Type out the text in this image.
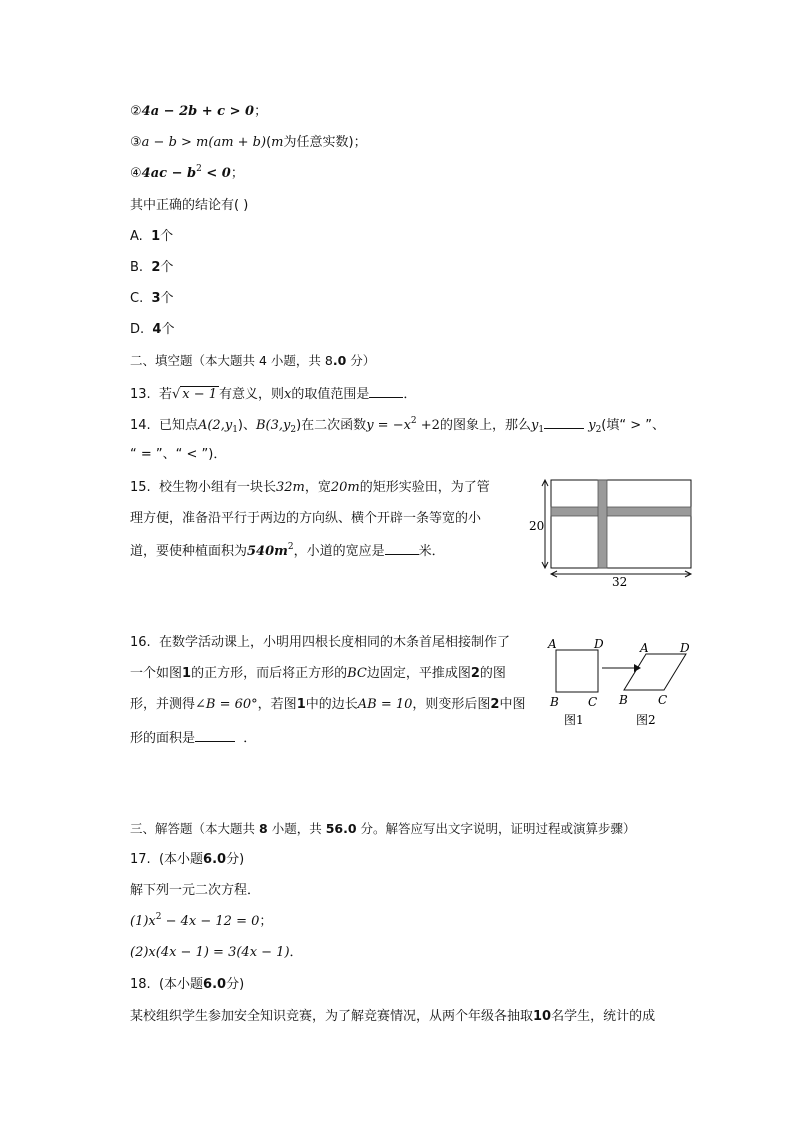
②4a − 2b + c > 0；
③a − b > m(am + b)(m为任意实数)；
④4ac − $b^2 < 0$；
其中正确的结论有( )
A. 1个
B. 2个
C. 3个
D. 4个
二、填空题（本大题共 4 小题，共 8.0 分）
13. 若√ x − 1 有意义，则x的取值范围是	．
14. 已知点$A(2,y_1)$、$B(3,y_2)$在二次函数$y = -x^2 +2$的图象上，那么$y_1$	$y_2$(填“ > ”、
“ = ”、“ < ”)．
15. 校生物小组有一块长32m，宽20m的矩形实验田，为了管
理方便，准备沿平行于两边的方向纵、横个开辟一条等宽的小
道，要使种植面积为$540m^2$，小道的宽应是	米．
20
32
16. 在数学活动课上，小明用四根长度相同的木条首尾相接制作了
一个如图1的正方形，而后将正方形的BC边固定，平推成图2的图
形，并测得∠B = 60°，若图1中的边长AB = 10，则变形后图2中图
形的面积是	．
A	D
B C
图1
A	D
B	C
图2
三、解答题（本大题共 8 小题，共 56.0 分。解答应写出文字说明，证明过程或演算步骤）
17. (本小题6.0分)
解下列一元二次方程．
$(1)x^2 - 4x - 12 = 0$；
(2)x(4x − 1) = 3(4x − 1)．
18. (本小题6.0分)
某校组织学生参加安全知识竞赛，为了解竞赛情况，从两个年级各抽取10名学生，统计的成
